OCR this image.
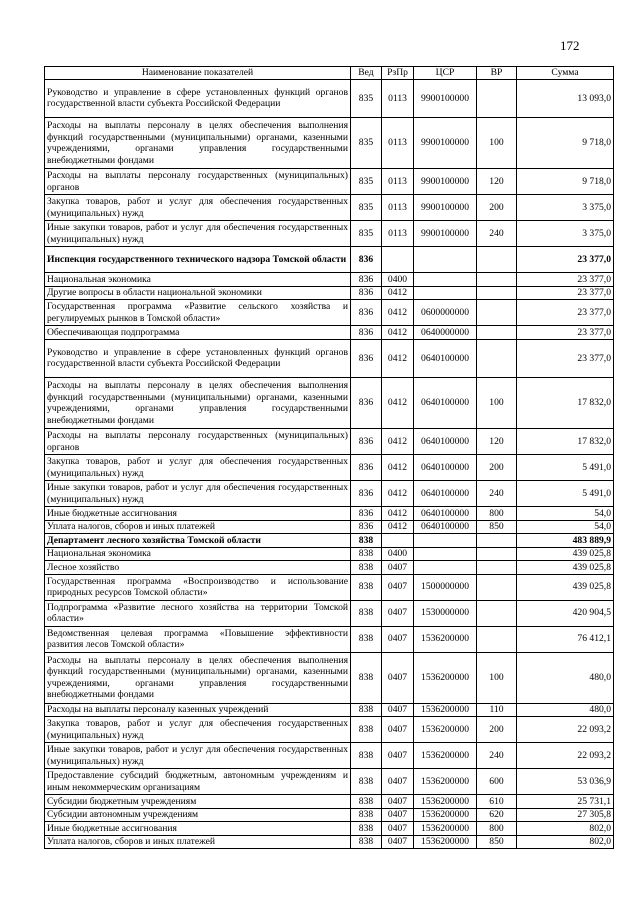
172
Наименование показателей	Вед	РзПр	ЦСР	ВР	Сумма
Руководство и управление в сфере установленных функций органов государственной власти субъекта Российской Федерации	835	0113	9900100000		13 093,0
Расходы на выплаты персоналу в целях обеспечения выполнения функций государственными (муниципальными) органами, казенными учреждениями, органами управления государственными внебюджетными фондами	835	0113	9900100000	100	9 718,0
Расходы на выплаты персоналу государственных (муниципальных) органов	835	0113	9900100000	120	9 718,0
Закупка товаров, работ и услуг для обеспечения государственных (муниципальных) нужд	835	0113	9900100000	200	3 375,0
Иные закупки товаров, работ и услуг для обеспечения государственных (муниципальных) нужд	835	0113	9900100000	240	3 375,0
Инспекция государственного технического надзора Томской области	836				23 377,0
Национальная экономика	836	0400			23 377,0
Другие вопросы в области национальной экономики	836	0412			23 377,0
Государственная программа «Развитие сельского хозяйства и регулируемых рынков в Томской области»	836	0412	0600000000		23 377,0
Обеспечивающая подпрограмма	836	0412	0640000000		23 377,0
Руководство и управление в сфере установленных функций органов государственной власти субъекта Российской Федерации	836	0412	0640100000		23 377,0
Расходы на выплаты персоналу в целях обеспечения выполнения функций государственными (муниципальными) органами, казенными учреждениями, органами управления государственными внебюджетными фондами	836	0412	0640100000	100	17 832,0
Расходы на выплаты персоналу государственных (муниципальных) органов	836	0412	0640100000	120	17 832,0
Закупка товаров, работ и услуг для обеспечения государственных (муниципальных) нужд	836	0412	0640100000	200	5 491,0
Иные закупки товаров, работ и услуг для обеспечения государственных (муниципальных) нужд	836	0412	0640100000	240	5 491,0
Иные бюджетные ассигнования	836	0412	0640100000	800	54,0
Уплата налогов, сборов и иных платежей	836	0412	0640100000	850	54,0
Департамент лесного хозяйства Томской области	838				483 889,9
Национальная экономика	838	0400			439 025,8
Лесное хозяйство	838	0407			439 025,8
Государственная программа «Воспроизводство и использование природных ресурсов Томской области»	838	0407	1500000000		439 025,8
Подпрограмма «Развитие лесного хозяйства на территории Томской области»	838	0407	1530000000		420 904,5
Ведомственная целевая программа «Повышение эффективности развития лесов Томской области»	838	0407	1536200000		76 412,1
Расходы на выплаты персоналу в целях обеспечения выполнения функций государственными (муниципальными) органами, казенными учреждениями, органами управления государственными внебюджетными фондами	838	0407	1536200000	100	480,0
Расходы на выплаты персоналу казенных учреждений	838	0407	1536200000	110	480,0
Закупка товаров, работ и услуг для обеспечения государственных (муниципальных) нужд	838	0407	1536200000	200	22 093,2
Иные закупки товаров, работ и услуг для обеспечения государственных (муниципальных) нужд	838	0407	1536200000	240	22 093,2
Предоставление субсидий бюджетным, автономным учреждениям и иным некоммерческим организациям	838	0407	1536200000	600	53 036,9
Субсидии бюджетным учреждениям	838	0407	1536200000	610	25 731,1
Субсидии автономным учреждениям	838	0407	1536200000	620	27 305,8
Иные бюджетные ассигнования	838	0407	1536200000	800	802,0
Уплата налогов, сборов и иных платежей	838	0407	1536200000	850	802,0
